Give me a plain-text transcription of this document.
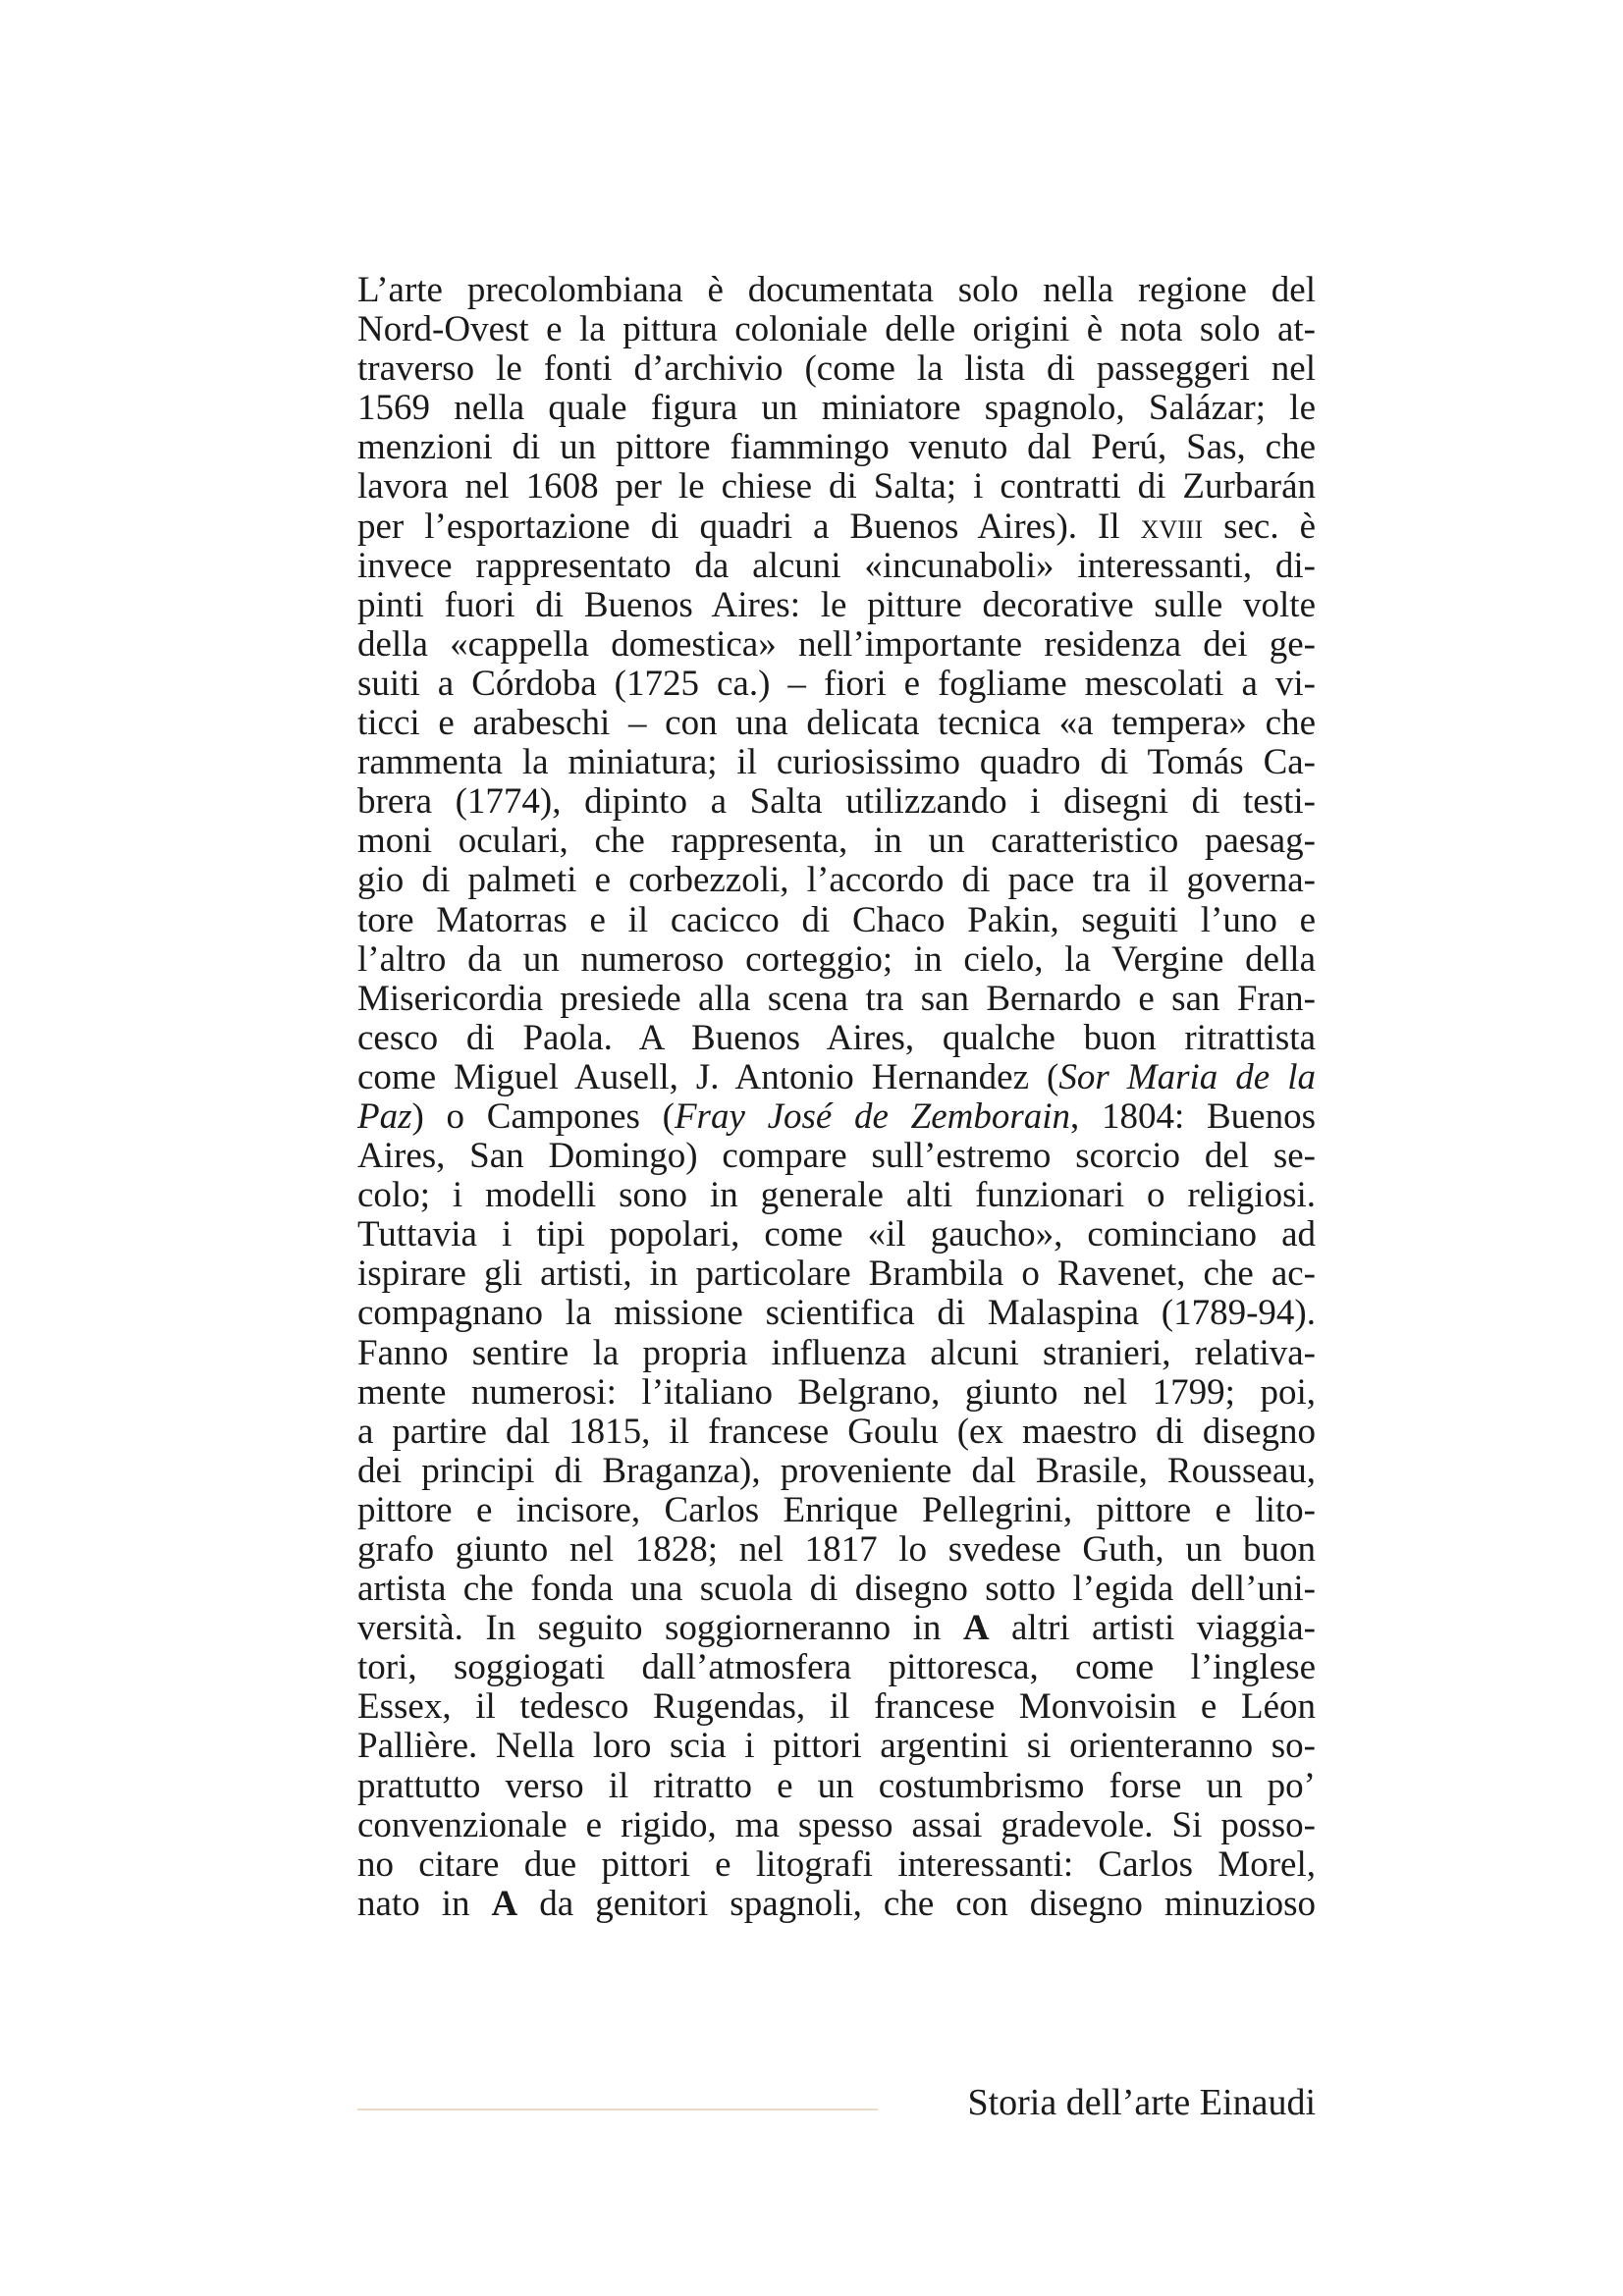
L’arte precolombiana è documentata solo nella regione del
Nord-Ovest e la pittura coloniale delle origini è nota solo at-
traverso le fonti d’archivio (come la lista di passeggeri nel
1569 nella quale figura un miniatore spagnolo, Salázar; le
menzioni di un pittore fiammingo venuto dal Perú, Sas, che
lavora nel 1608 per le chiese di Salta; i contratti di Zurbarán
per l’esportazione di quadri a Buenos Aires). Il xviii sec. è
invece rappresentato da alcuni «incunaboli» interessanti, di-
pinti fuori di Buenos Aires: le pitture decorative sulle volte
della «cappella domestica» nell’importante residenza dei ge-
suiti a Córdoba (1725 ca.) – fiori e fogliame mescolati a vi-
ticci e arabeschi – con una delicata tecnica «a tempera» che
rammenta la miniatura; il curiosissimo quadro di Tomás Ca-
brera (1774), dipinto a Salta utilizzando i disegni di testi-
moni oculari, che rappresenta, in un caratteristico paesag-
gio di palmeti e corbezzoli, l’accordo di pace tra il governa-
tore Matorras e il cacicco di Chaco Pakin, seguiti l’uno e
l’altro da un numeroso corteggio; in cielo, la Vergine della
Misericordia presiede alla scena tra san Bernardo e san Fran-
cesco di Paola. A Buenos Aires, qualche buon ritrattista
come Miguel Ausell, J. Antonio Hernandez (Sor Maria de la
Paz) o Campones (Fray José de Zemborain, 1804: Buenos
Aires, San Domingo) compare sull’estremo scorcio del se-
colo; i modelli sono in generale alti funzionari o religiosi.
Tuttavia i tipi popolari, come «il gaucho», cominciano ad
ispirare gli artisti, in particolare Brambila o Ravenet, che ac-
compagnano la missione scientifica di Malaspina (1789-94).
Fanno sentire la propria influenza alcuni stranieri, relativa-
mente numerosi: l’italiano Belgrano, giunto nel 1799; poi,
a partire dal 1815, il francese Goulu (ex maestro di disegno
dei principi di Braganza), proveniente dal Brasile, Rousseau,
pittore e incisore, Carlos Enrique Pellegrini, pittore e lito-
grafo giunto nel 1828; nel 1817 lo svedese Guth, un buon
artista che fonda una scuola di disegno sotto l’egida dell’uni-
versità. In seguito soggiorneranno in A altri artisti viaggia-
tori, soggiogati dall’atmosfera pittoresca, come l’inglese
Essex, il tedesco Rugendas, il francese Monvoisin e Léon
Pallière. Nella loro scia i pittori argentini si orienteranno so-
prattutto verso il ritratto e un costumbrismo forse un po’
convenzionale e rigido, ma spesso assai gradevole. Si posso-
no citare due pittori e litografi interessanti: Carlos Morel,
nato in A da genitori spagnoli, che con disegno minuzioso
Storia dell’arte Einaudi
